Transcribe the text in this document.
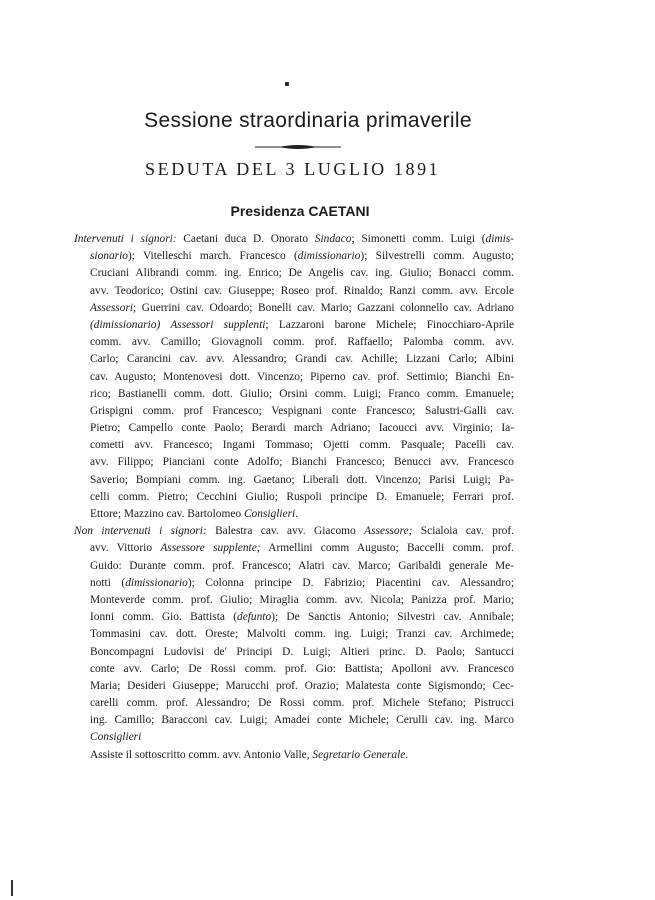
Sessione straordinaria primaverile
SEDUTA DEL 3 LUGLIO 1891
Presidenza CAETANI
Intervenuti i signori: Caetani duca D. Onorato Sindaco; Simonetti comm. Luigi (dimis-
sionario); Vitelleschi march. Francesco (dimissionario); Silvestrelli comm. Augusto;
Cruciani Alibrandi comm. ing. Enrico; De Angelis cav. ing. Giulio; Bonacci comm.
avv. Teodorico; Ostini cav. Giuseppe; Roseo prof. Rinaldo; Ranzi comm. avv. Ercole
Assessori; Guerrini cav. Odoardo; Bonelli cav. Mario; Gazzani colonnello cav. Adriano
(dimissionario) Assessori supplenti; Lazzaroni barone Michele; Finocchiaro-Aprile
comm. avv. Camillo; Giovagnoli comm. prof. Raffaello; Palomba comm. avv.
Carlo; Carancini cav. avv. Alessandro; Grandi cav. Achille; Lizzani Carlo; Albini
cav. Augusto; Montenovesi dott. Vincenzo; Piperno cav. prof. Settimio; Bianchi En-
rico; Bastianelli comm. dott. Giulio; Orsini comm. Luigi; Franco comm. Emanuele;
Grispigni comm. prof Francesco; Vespignani conte Francesco; Salustri-Galli cav.
Pietro; Campello conte Paolo; Berardi march Adriano; Iacoucci avv. Virginio; Ia-
cometti avv. Francesco; Ingami Tommaso; Ojetti comm. Pasquale; Pacelli cav.
avv. Filippo; Pianciani conte Adolfo; Bianchi Francesco; Benucci avv. Francesco
Saverio; Bompiani comm. ing. Gaetano; Liberali dott. Vincenzo; Parisi Luigi; Pa-
celli comm. Pietro; Cecchini Giulio; Ruspoli principe D. Emanuele; Ferrari prof.
Ettore; Mazzino cav. Bartolomeo Consiglieri.
Non intervenuti i signori: Balestra cav. avv. Giacomo Assessore; Scialoia cav. prof.
avv. Vittorio Assessore supplente; Armellini comm Augusto; Baccelli comm. prof.
Guido: Durante comm. prof. Francesco; Alatri cav. Marco; Garibaldi generale Me-
notti (dimissionario); Colonna principe D. Fabrizio; Piacentini cav. Alessandro;
Monteverde comm. prof. Giulio; Miraglia comm. avv. Nicola; Panizza prof. Mario;
Ionni comm. Gio. Battista (defunto); De Sanctis Antonio; Silvestri cav. Annibale;
Tommasini cav. dott. Oreste; Malvolti comm. ing. Luigi; Tranzi cav. Archimede;
Boncompagni Ludovisi de' Principi D. Luigi; Altieri princ. D. Paolo; Santucci
conte avv. Carlo; De Rossi comm. prof. Gio: Battista; Apolloni avv. Francesco
Maria; Desideri Giuseppe; Marucchi prof. Orazio; Malatesta conte Sigismondo; Cec-
carelli comm. prof. Alessandro; De Rossi comm. prof. Michele Stefano; Pistrucci
ing. Camillo; Baracconi cav. Luigi; Amadei conte Michele; Cerulli cav. ing. Marco
Consiglieri
Assiste il sottoscritto comm. avv. Antonio Valle, Segretario Generale.
